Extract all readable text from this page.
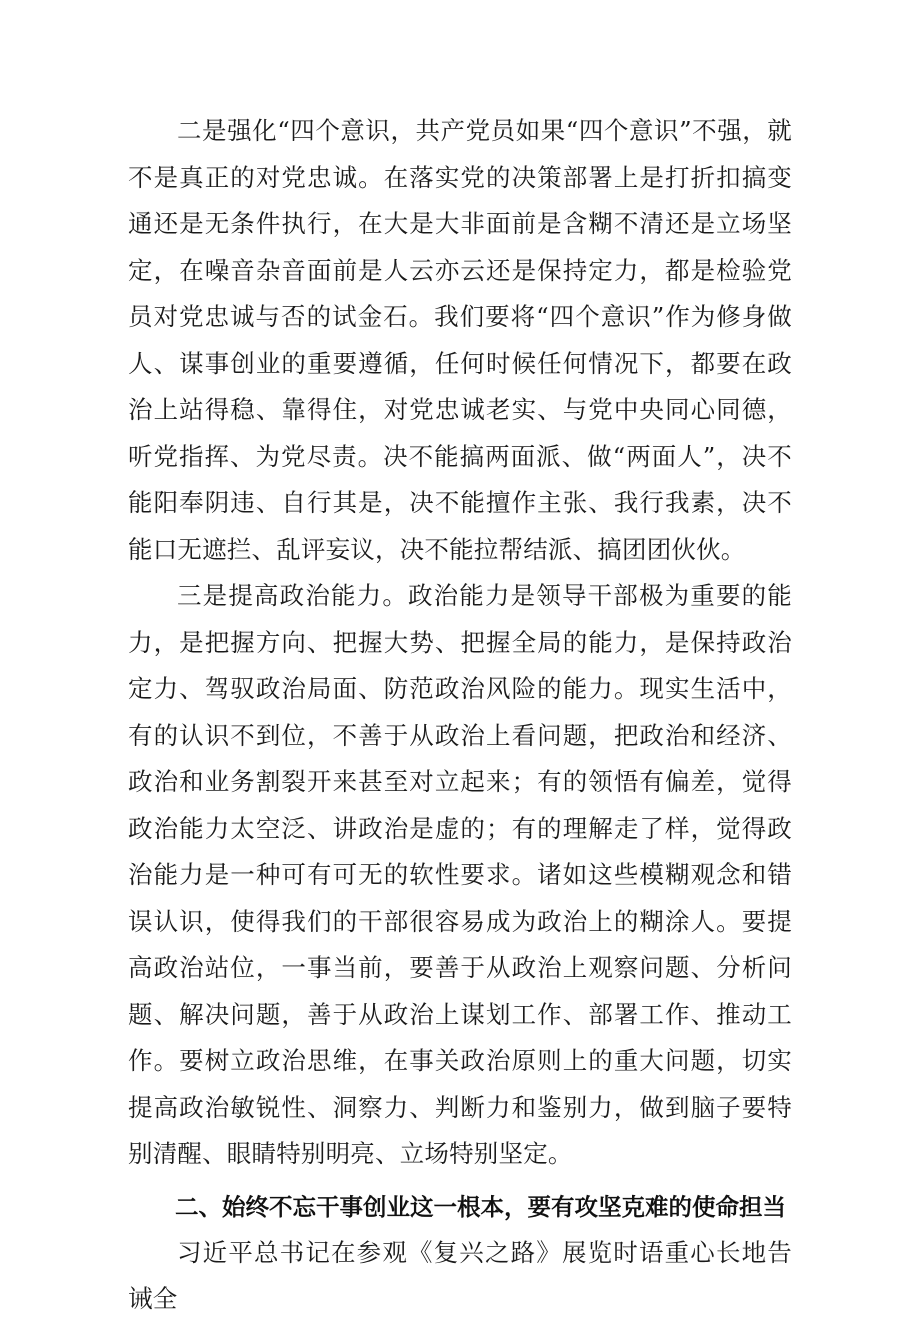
二是强化“四个意识，共产党员如果“四个意识”不强，就不是真正的对党忠诚。在落实党的决策部署上是打折扣搞变通还是无条件执行，在大是大非面前是含糊不清还是立场坚定，在噪音杂音面前是人云亦云还是保持定力，都是检验党员对党忠诚与否的试金石。我们要将“四个意识”作为修身做人、谋事创业的重要遵循，任何时候任何情况下，都要在政治上站得稳、靠得住，对党忠诚老实、与党中央同心同德，听党指挥、为党尽责。决不能搞两面派、做“两面人”，决不能阳奉阴违、自行其是，决不能擅作主张、我行我素，决不能口无遮拦、乱评妄议，决不能拉帮结派、搞团团伙伙。

三是提高政治能力。政治能力是领导干部极为重要的能力，是把握方向、把握大势、把握全局的能力，是保持政治定力、驾驭政治局面、防范政治风险的能力。现实生活中，有的认识不到位，不善于从政治上看问题，把政治和经济、政治和业务割裂开来甚至对立起来；有的领悟有偏差，觉得政治能力太空泛、讲政治是虚的；有的理解走了样，觉得政治能力是一种可有可无的软性要求。诸如这些模糊观念和错误认识，使得我们的干部很容易成为政治上的糊涂人。要提高政治站位，一事当前，要善于从政治上观察问题、分析问题、解决问题，善于从政治上谋划工作、部署工作、推动工作。要树立政治思维，在事关政治原则上的重大问题，切实提高政治敏锐性、洞察力、判断力和鉴别力，做到脑子要特别清醒、眼睛特别明亮、立场特别坚定。

二、始终不忘干事创业这一根本，要有攻坚克难的使命担当

习近平总书记在参观《复兴之路》展览时语重心长地告诫全
